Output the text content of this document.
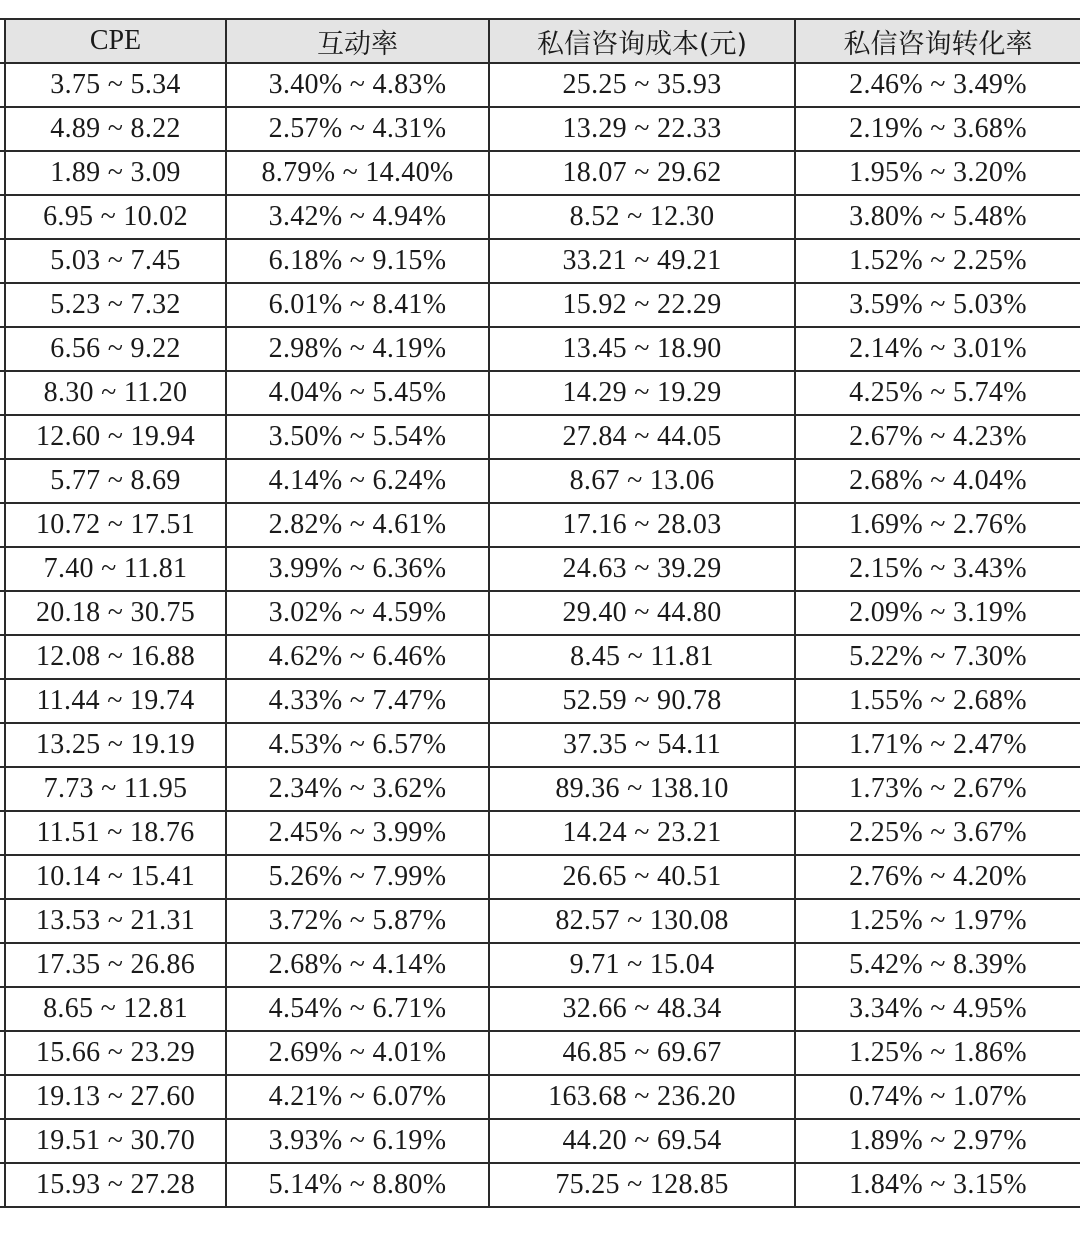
	CPE	互动率	私信咨询成本(元)	私信咨询转化率
	3.75 ~ 5.34	3.40% ~ 4.83%	25.25 ~ 35.93	2.46% ~ 3.49%
	4.89 ~ 8.22	2.57% ~ 4.31%	13.29 ~ 22.33	2.19% ~ 3.68%
	1.89 ~ 3.09	8.79% ~ 14.40%	18.07 ~ 29.62	1.95% ~ 3.20%
	6.95 ~ 10.02	3.42% ~ 4.94%	8.52 ~ 12.30	3.80% ~ 5.48%
	5.03 ~ 7.45	6.18% ~ 9.15%	33.21 ~ 49.21	1.52% ~ 2.25%
	5.23 ~ 7.32	6.01% ~ 8.41%	15.92 ~ 22.29	3.59% ~ 5.03%
	6.56 ~ 9.22	2.98% ~ 4.19%	13.45 ~ 18.90	2.14% ~ 3.01%
	8.30 ~ 11.20	4.04% ~ 5.45%	14.29 ~ 19.29	4.25% ~ 5.74%
	12.60 ~ 19.94	3.50% ~ 5.54%	27.84 ~ 44.05	2.67% ~ 4.23%
	5.77 ~ 8.69	4.14% ~ 6.24%	8.67 ~ 13.06	2.68% ~ 4.04%
	10.72 ~ 17.51	2.82% ~ 4.61%	17.16 ~ 28.03	1.69% ~ 2.76%
	7.40 ~ 11.81	3.99% ~ 6.36%	24.63 ~ 39.29	2.15% ~ 3.43%
	20.18 ~ 30.75	3.02% ~ 4.59%	29.40 ~ 44.80	2.09% ~ 3.19%
	12.08 ~ 16.88	4.62% ~ 6.46%	8.45 ~ 11.81	5.22% ~ 7.30%
	11.44 ~ 19.74	4.33% ~ 7.47%	52.59 ~ 90.78	1.55% ~ 2.68%
	13.25 ~ 19.19	4.53% ~ 6.57%	37.35 ~ 54.11	1.71% ~ 2.47%
	7.73 ~ 11.95	2.34% ~ 3.62%	89.36 ~ 138.10	1.73% ~ 2.67%
	11.51 ~ 18.76	2.45% ~ 3.99%	14.24 ~ 23.21	2.25% ~ 3.67%
	10.14 ~ 15.41	5.26% ~ 7.99%	26.65 ~ 40.51	2.76% ~ 4.20%
	13.53 ~ 21.31	3.72% ~ 5.87%	82.57 ~ 130.08	1.25% ~ 1.97%
	17.35 ~ 26.86	2.68% ~ 4.14%	9.71 ~ 15.04	5.42% ~ 8.39%
	8.65 ~ 12.81	4.54% ~ 6.71%	32.66 ~ 48.34	3.34% ~ 4.95%
	15.66 ~ 23.29	2.69% ~ 4.01%	46.85 ~ 69.67	1.25% ~ 1.86%
	19.13 ~ 27.60	4.21% ~ 6.07%	163.68 ~ 236.20	0.74% ~ 1.07%
	19.51 ~ 30.70	3.93% ~ 6.19%	44.20 ~ 69.54	1.89% ~ 2.97%
	15.93 ~ 27.28	5.14% ~ 8.80%	75.25 ~ 128.85	1.84% ~ 3.15%
